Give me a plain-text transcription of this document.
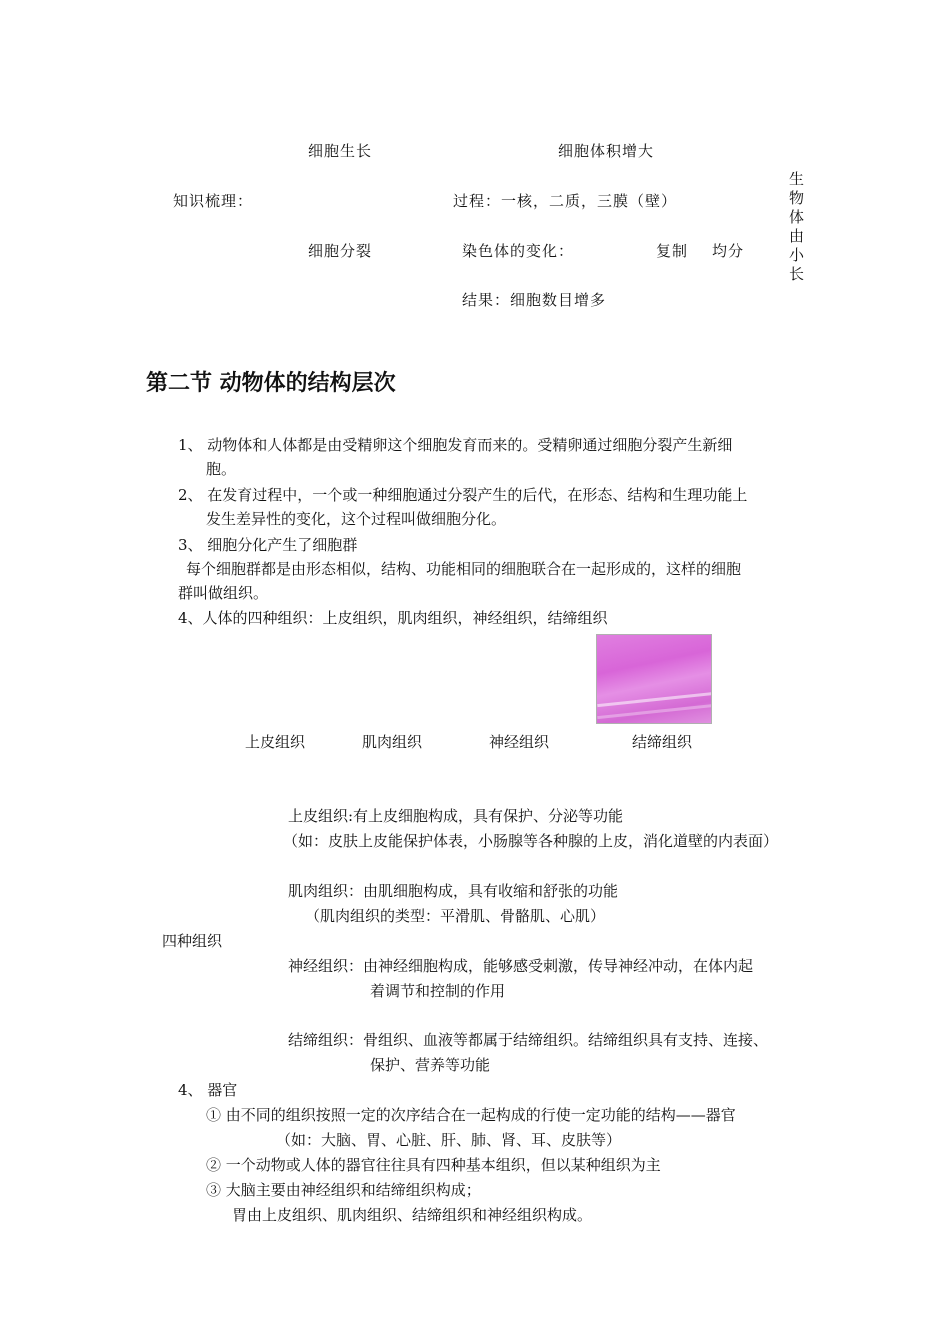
细胞生长	细胞体积增大
知识梳理：	过程：一核，二质，三膜（壁）
细胞分裂	染色体的变化：	复制 均分
结果：细胞数目增多
生物体由小长
第二节 动物体的结构层次
1、 动物体和人体都是由受精卵这个细胞发育而来的。受精卵通过细胞分裂产生新细
胞。
2、 在发育过程中，一个或一种细胞通过分裂产生的后代，在形态、结构和生理功能上
发生差异性的变化，这个过程叫做细胞分化。
3、 细胞分化产生了细胞群
每个细胞群都是由形态相似，结构、功能相同的细胞联合在一起形成的，这样的细胞
群叫做组织。
4、人体的四种组织：上皮组织，肌肉组织，神经组织，结缔组织
上皮组织	肌肉组织	神经组织	结缔组织
上皮组织:有上皮细胞构成，具有保护、分泌等功能
（如：皮肤上皮能保护体表，小肠腺等各种腺的上皮，消化道壁的内表面）
肌肉组织：由肌细胞构成，具有收缩和舒张的功能
（肌肉组织的类型：平滑肌、骨骼肌、心肌）
四种组织
神经组织：由神经细胞构成，能够感受刺激，传导神经冲动，在体内起
着调节和控制的作用
结缔组织：骨组织、血液等都属于结缔组织。结缔组织具有支持、连接、
保护、营养等功能
4、 器官
① 由不同的组织按照一定的次序结合在一起构成的行使一定功能的结构——器官
（如：大脑、胃、心脏、肝、肺、肾、耳、皮肤等）
② 一个动物或人体的器官往往具有四种基本组织，但以某种组织为主
③ 大脑主要由神经组织和结缔组织构成；
胃由上皮组织、肌肉组织、结缔组织和神经组织构成。
